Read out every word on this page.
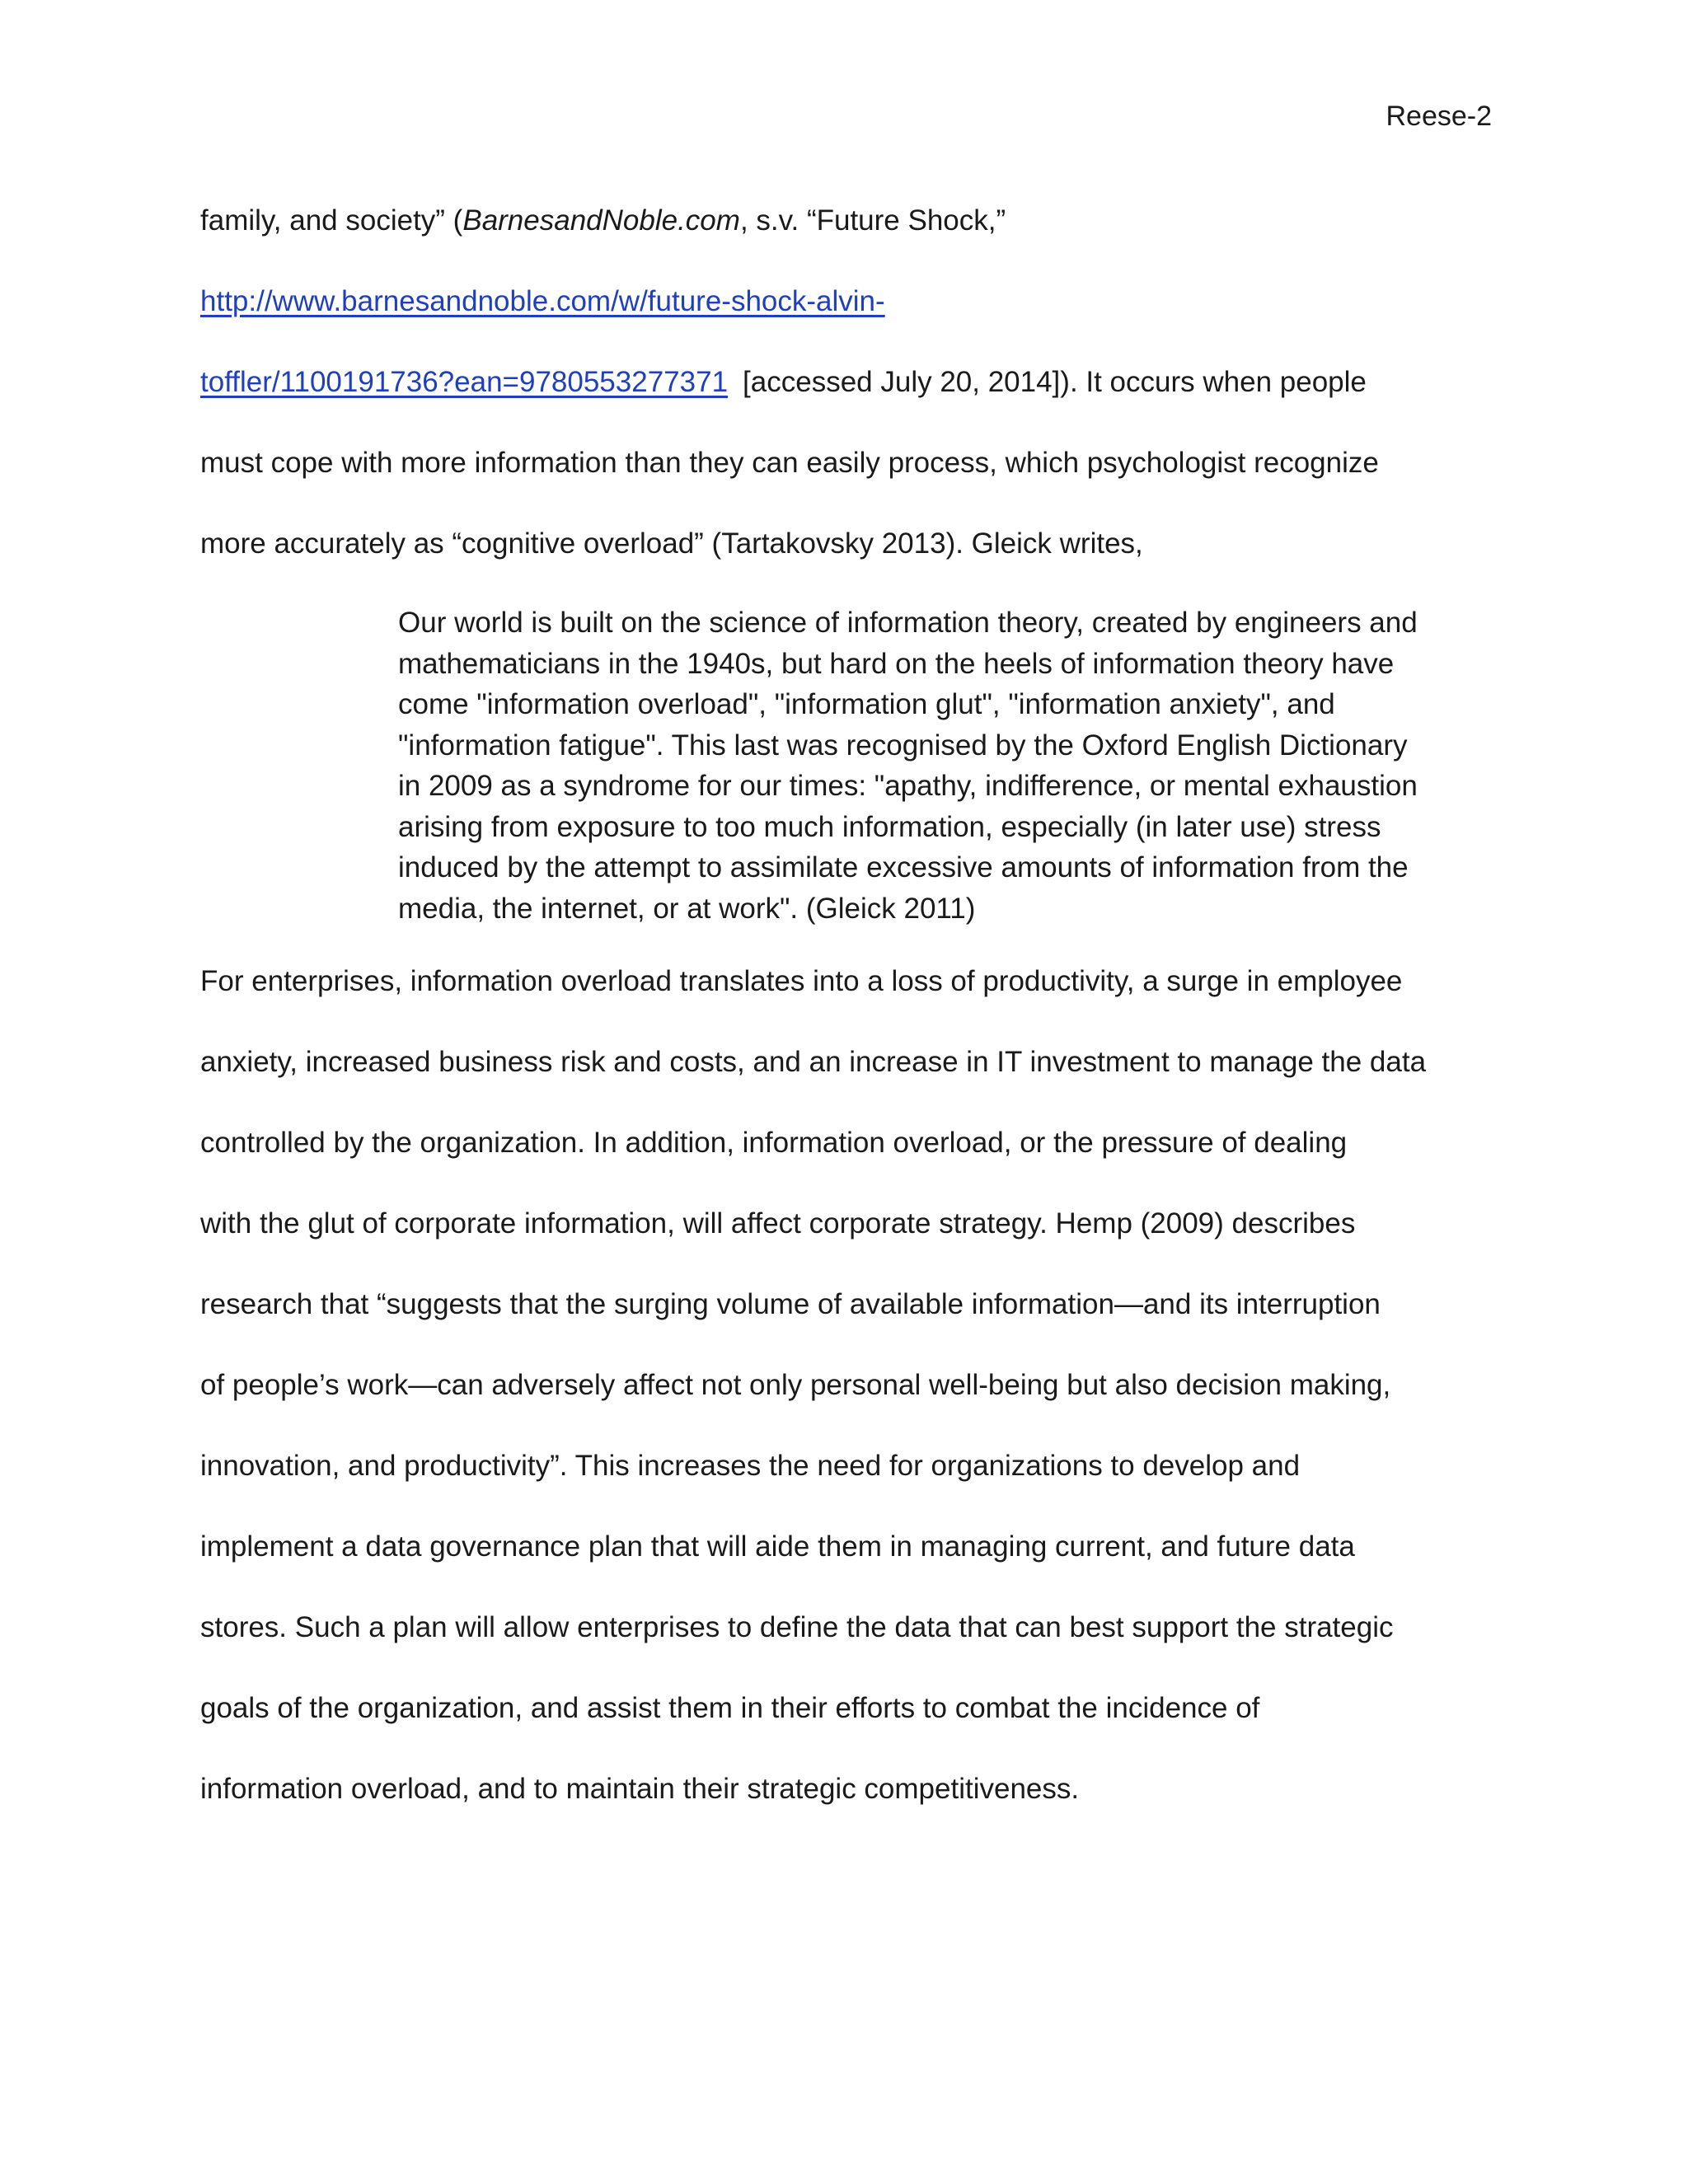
Reese-2
family, and society” (BarnesandNoble.com, s.v. “Future Shock,”
http://www.barnesandnoble.com/w/future-shock-alvin-
toffler/1100191736?ean=9780553277371 [accessed July 20, 2014]). It occurs when people
must cope with more information than they can easily process, which psychologist recognize
more accurately as “cognitive overload” (Tartakovsky 2013). Gleick writes,
Our world is built on the science of information theory, created by engineers and
mathematicians in the 1940s, but hard on the heels of information theory have
come "information overload", "information glut", "information anxiety", and
"information fatigue". This last was recognised by the Oxford English Dictionary
in 2009 as a syndrome for our times: "apathy, indifference, or mental exhaustion
arising from exposure to too much information, especially (in later use) stress
induced by the attempt to assimilate excessive amounts of information from the
media, the internet, or at work". (Gleick 2011)
For enterprises, information overload translates into a loss of productivity, a surge in employee
anxiety, increased business risk and costs, and an increase in IT investment to manage the data
controlled by the organization. In addition, information overload, or the pressure of dealing
with the glut of corporate information, will affect corporate strategy. Hemp (2009) describes
research that “suggests that the surging volume of available information—and its interruption
of people’s work—can adversely affect not only personal well-being but also decision making,
innovation, and productivity”. This increases the need for organizations to develop and
implement a data governance plan that will aide them in managing current, and future data
stores. Such a plan will allow enterprises to define the data that can best support the strategic
goals of the organization, and assist them in their efforts to combat the incidence of
information overload, and to maintain their strategic competitiveness.
